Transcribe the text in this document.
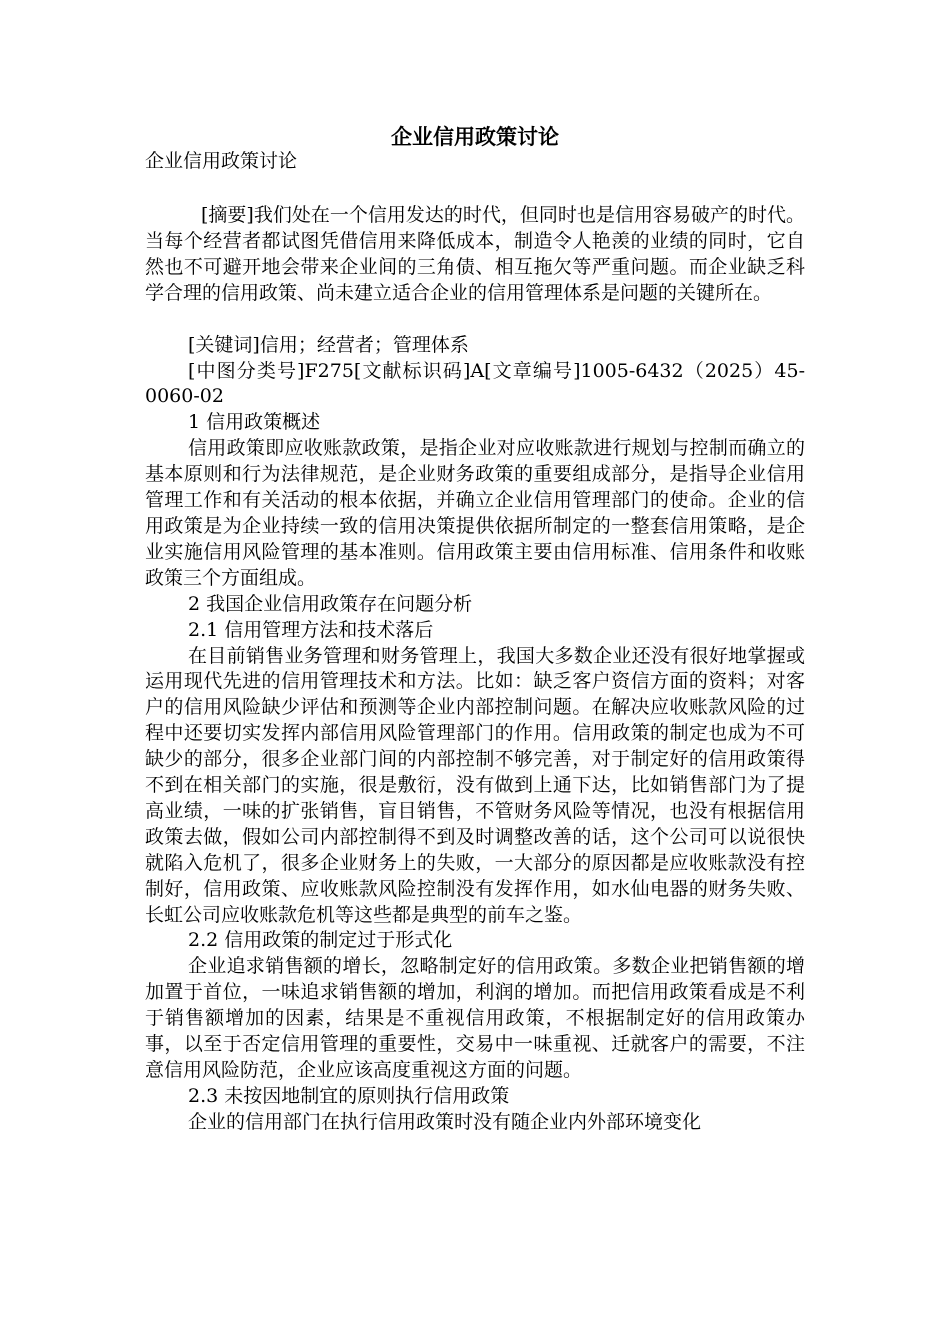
企业信用政策讨论

企业信用政策讨论

[摘要]我们处在一个信用发达的时代，但同时也是信用容易破产的时代。当每个经营者都试图凭借信用来降低成本，制造令人艳羡的业绩的同时，它自然也不可避开地会带来企业间的三角债、相互拖欠等严重问题。而企业缺乏科学合理的信用政策、尚未建立适合企业的信用管理体系是问题的关键所在。

[关键词]信用；经营者；管理体系

[中图分类号]F275[文献标识码]A[文章编号]1005-6432（2025）45-0060-02

1 信用政策概述

信用政策即应收账款政策，是指企业对应收账款进行规划与控制而确立的基本原则和行为法律规范，是企业财务政策的重要组成部分，是指导企业信用管理工作和有关活动的根本依据，并确立企业信用管理部门的使命。企业的信用政策是为企业持续一致的信用决策提供依据所制定的一整套信用策略，是企业实施信用风险管理的基本准则。信用政策主要由信用标准、信用条件和收账政策三个方面组成。

2 我国企业信用政策存在问题分析

2.1 信用管理方法和技术落后

在目前销售业务管理和财务管理上，我国大多数企业还没有很好地掌握或运用现代先进的信用管理技术和方法。比如：缺乏客户资信方面的资料；对客户的信用风险缺少评估和预测等企业内部控制问题。在解决应收账款风险的过程中还要切实发挥内部信用风险管理部门的作用。信用政策的制定也成为不可缺少的部分，很多企业部门间的内部控制不够完善，对于制定好的信用政策得不到在相关部门的实施，很是敷衍，没有做到上通下达，比如销售部门为了提高业绩，一味的扩张销售，盲目销售，不管财务风险等情况，也没有根据信用政策去做，假如公司内部控制得不到及时调整改善的话，这个公司可以说很快就陷入危机了，很多企业财务上的失败，一大部分的原因都是应收账款没有控制好，信用政策、应收账款风险控制没有发挥作用，如水仙电器的财务失败、长虹公司应收账款危机等这些都是典型的前车之鉴。

2.2 信用政策的制定过于形式化

企业追求销售额的增长，忽略制定好的信用政策。多数企业把销售额的增加置于首位，一味追求销售额的增加，利润的增加。而把信用政策看成是不利于销售额增加的因素，结果是不重视信用政策，不根据制定好的信用政策办事，以至于否定信用管理的重要性，交易中一味重视、迁就客户的需要，不注意信用风险防范，企业应该高度重视这方面的问题。

2.3 未按因地制宜的原则执行信用政策

企业的信用部门在执行信用政策时没有随企业内外部环境变化
